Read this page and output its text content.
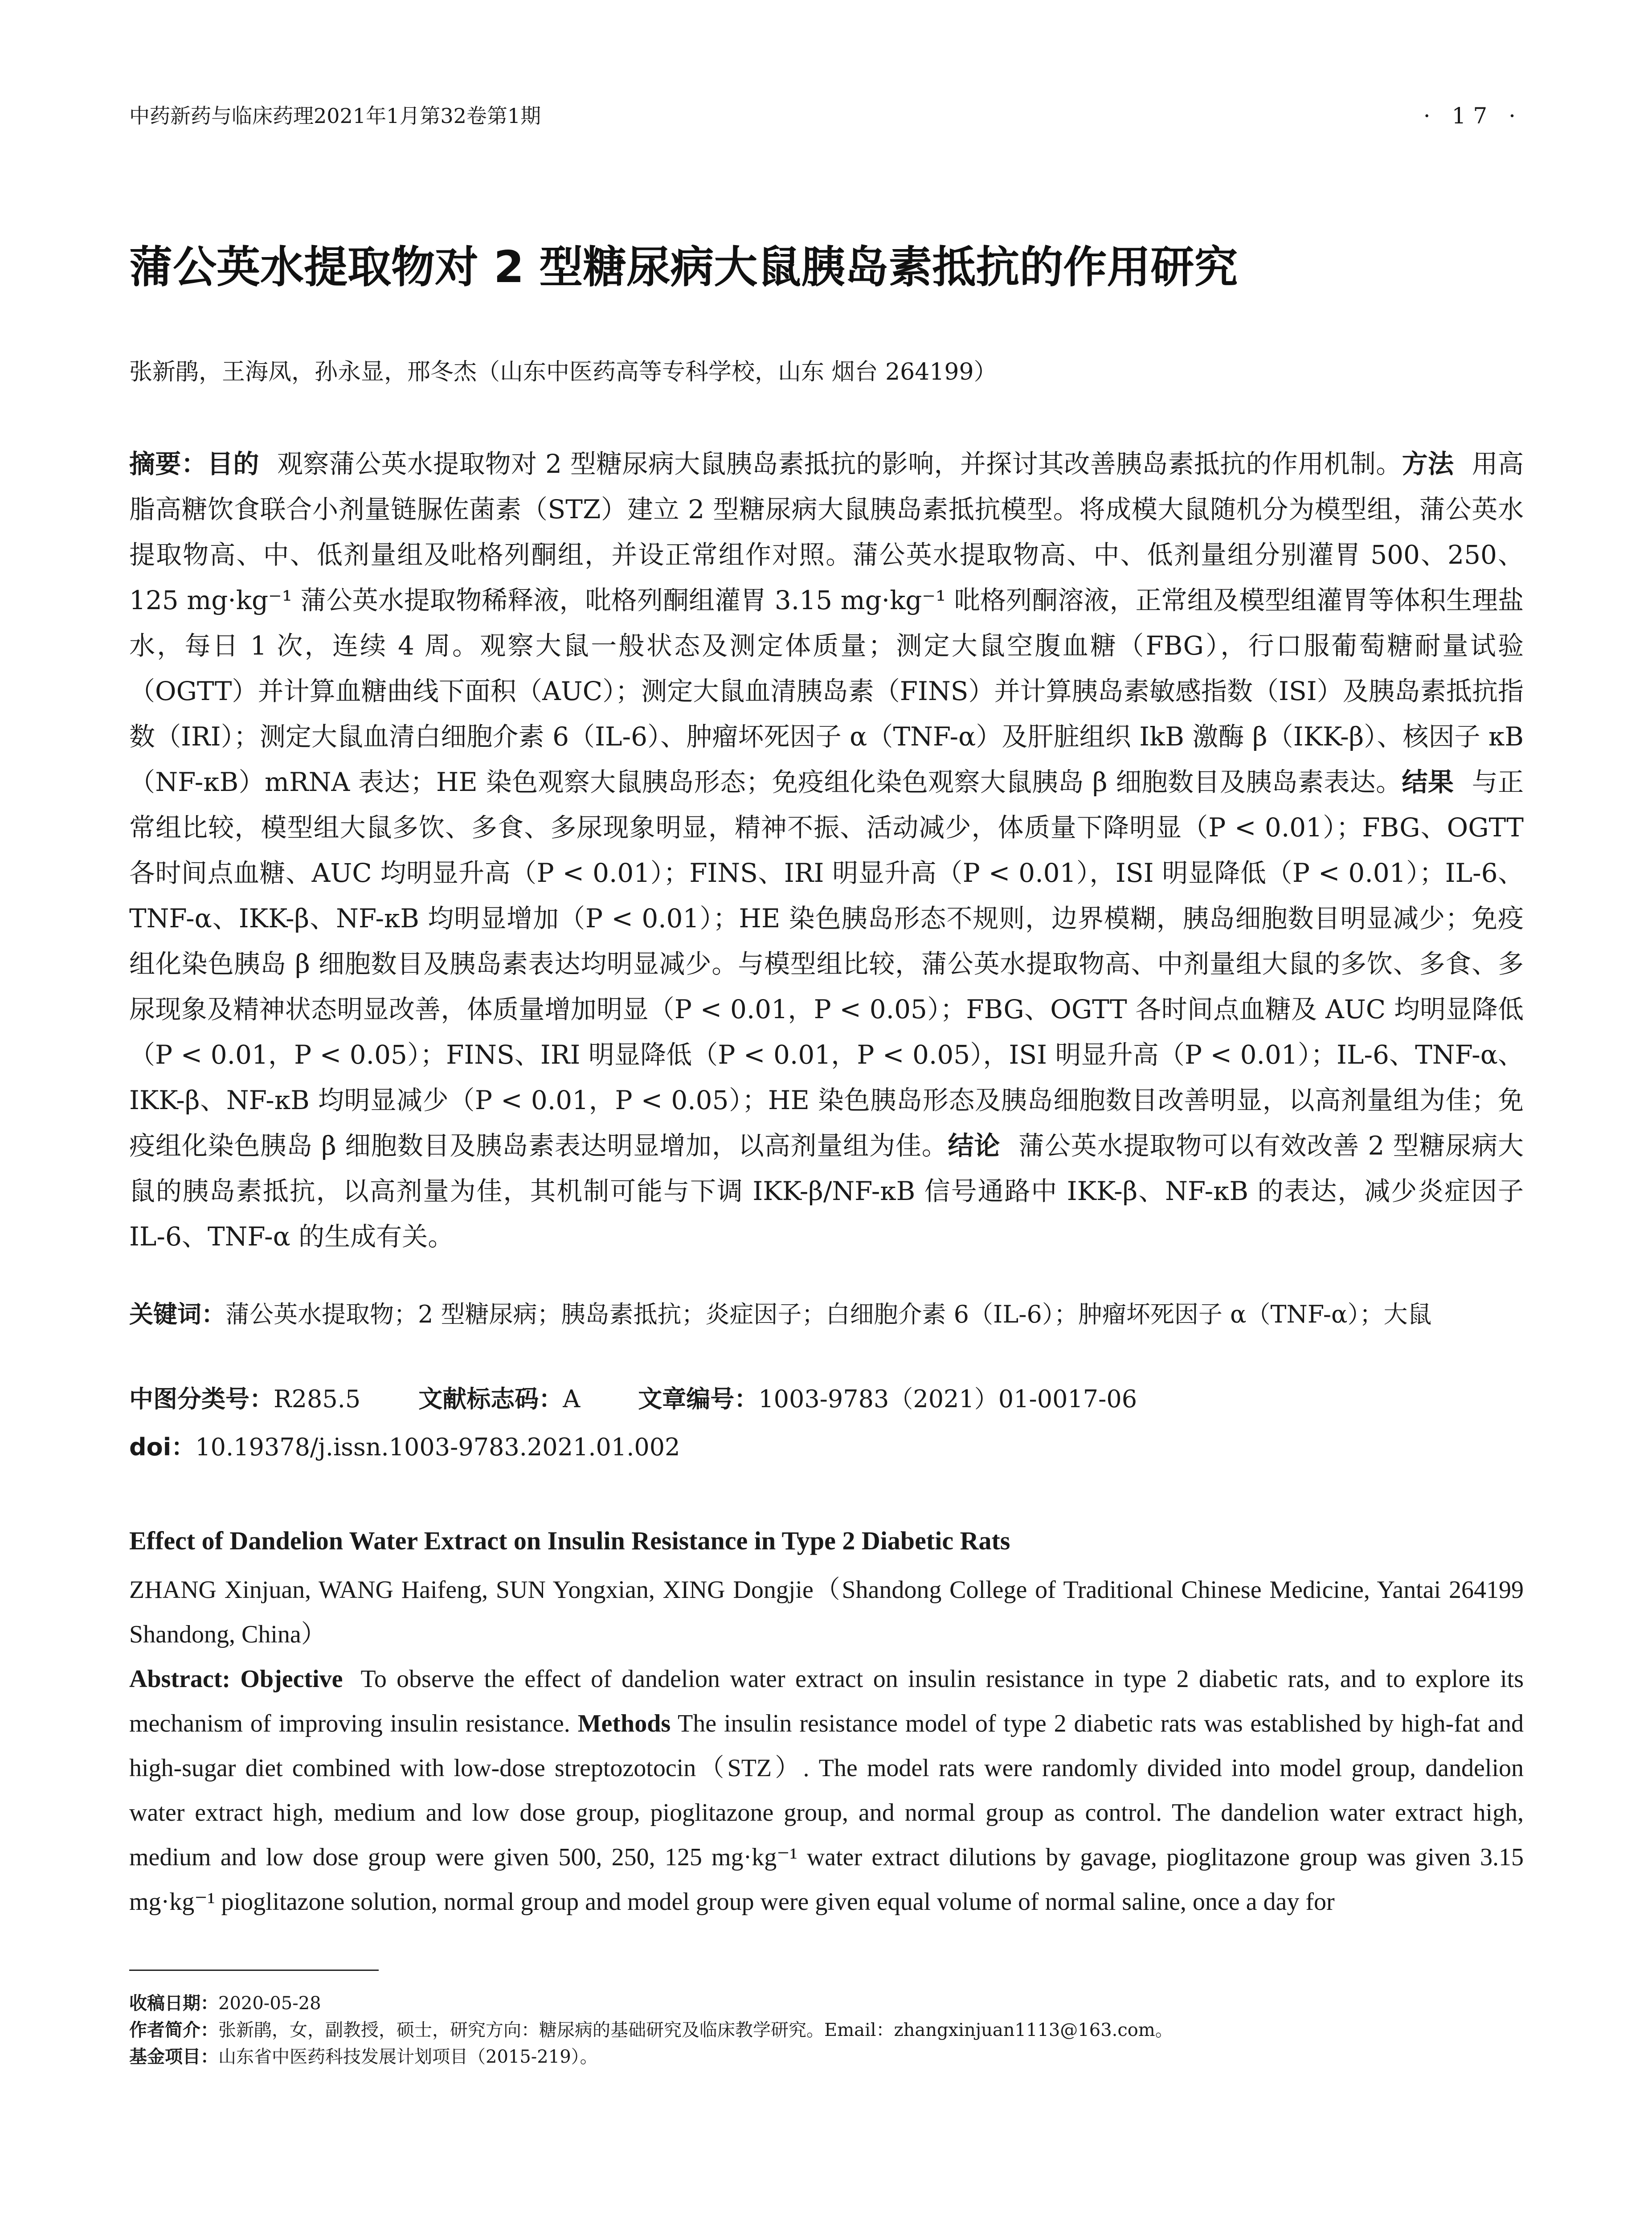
中药新药与临床药理2021年1月第32卷第1期	· 17 ·
蒲公英水提取物对 2 型糖尿病大鼠胰岛素抵抗的作用研究
张新鹃，王海凤，孙永显，邢冬杰（山东中医药高等专科学校，山东 烟台 264199）
摘要：目的 观察蒲公英水提取物对 2 型糖尿病大鼠胰岛素抵抗的影响，并探讨其改善胰岛素抵抗的作用机制。方法 用高脂高糖饮食联合小剂量链脲佐菌素（STZ）建立 2 型糖尿病大鼠胰岛素抵抗模型。将成模大鼠随机分为模型组，蒲公英水提取物高、中、低剂量组及吡格列酮组，并设正常组作对照。蒲公英水提取物高、中、低剂量组分别灌胃 500、250、125 mg·kg⁻¹ 蒲公英水提取物稀释液，吡格列酮组灌胃 3.15 mg·kg⁻¹ 吡格列酮溶液，正常组及模型组灌胃等体积生理盐水，每日 1 次，连续 4 周。观察大鼠一般状态及测定体质量；测定大鼠空腹血糖（FBG），行口服葡萄糖耐量试验（OGTT）并计算血糖曲线下面积（AUC）；测定大鼠血清胰岛素（FINS）并计算胰岛素敏感指数（ISI）及胰岛素抵抗指数（IRI）；测定大鼠血清白细胞介素 6（IL-6）、肿瘤坏死因子 α（TNF-α）及肝脏组织 IkB 激酶 β（IKK-β）、核因子 κB（NF-κB）mRNA 表达；HE 染色观察大鼠胰岛形态；免疫组化染色观察大鼠胰岛 β 细胞数目及胰岛素表达。结果 与正常组比较，模型组大鼠多饮、多食、多尿现象明显，精神不振、活动减少，体质量下降明显（P < 0.01）；FBG、OGTT 各时间点血糖、AUC 均明显升高（P < 0.01）；FINS、IRI 明显升高（P < 0.01），ISI 明显降低（P < 0.01）；IL-6、TNF-α、IKK-β、NF-κB 均明显增加（P < 0.01）；HE 染色胰岛形态不规则，边界模糊，胰岛细胞数目明显减少；免疫组化染色胰岛 β 细胞数目及胰岛素表达均明显减少。与模型组比较，蒲公英水提取物高、中剂量组大鼠的多饮、多食、多尿现象及精神状态明显改善，体质量增加明显（P < 0.01，P < 0.05）；FBG、OGTT 各时间点血糖及 AUC 均明显降低（P < 0.01，P < 0.05）；FINS、IRI 明显降低（P < 0.01，P < 0.05），ISI 明显升高（P < 0.01）；IL-6、TNF-α、IKK-β、NF-κB 均明显减少（P < 0.01，P < 0.05）；HE 染色胰岛形态及胰岛细胞数目改善明显，以高剂量组为佳；免疫组化染色胰岛 β 细胞数目及胰岛素表达明显增加，以高剂量组为佳。结论 蒲公英水提取物可以有效改善 2 型糖尿病大鼠的胰岛素抵抗，以高剂量为佳，其机制可能与下调 IKK-β/NF-κB 信号通路中 IKK-β、NF-κB 的表达，减少炎症因子 IL-6、TNF-α 的生成有关。
关键词：蒲公英水提取物；2 型糖尿病；胰岛素抵抗；炎症因子；白细胞介素 6（IL-6）；肿瘤坏死因子 α（TNF-α）；大鼠
中图分类号：R285.5 文献标志码：A 文章编号：1003-9783（2021）01-0017-06
doi：10.19378/j.issn.1003-9783.2021.01.002
Effect of Dandelion Water Extract on Insulin Resistance in Type 2 Diabetic Rats
ZHANG Xinjuan, WANG Haifeng, SUN Yongxian, XING Dongjie（Shandong College of Traditional Chinese Medicine, Yantai 264199 Shandong, China）
Abstract: Objective To observe the effect of dandelion water extract on insulin resistance in type 2 diabetic rats, and to explore its mechanism of improving insulin resistance. Methods The insulin resistance model of type 2 diabetic rats was established by high-fat and high-sugar diet combined with low-dose streptozotocin（STZ）. The model rats were randomly divided into model group, dandelion water extract high, medium and low dose group, pioglitazone group, and normal group as control. The dandelion water extract high, medium and low dose group were given 500, 250, 125 mg·kg⁻¹ water extract dilutions by gavage, pioglitazone group was given 3.15 mg·kg⁻¹ pioglitazone solution, normal group and model group were given equal volume of normal saline, once a day for
收稿日期：2020-05-28
作者简介：张新鹃，女，副教授，硕士，研究方向：糖尿病的基础研究及临床教学研究。Email：zhangxinjuan1113@163.com。
基金项目：山东省中医药科技发展计划项目（2015-219）。
